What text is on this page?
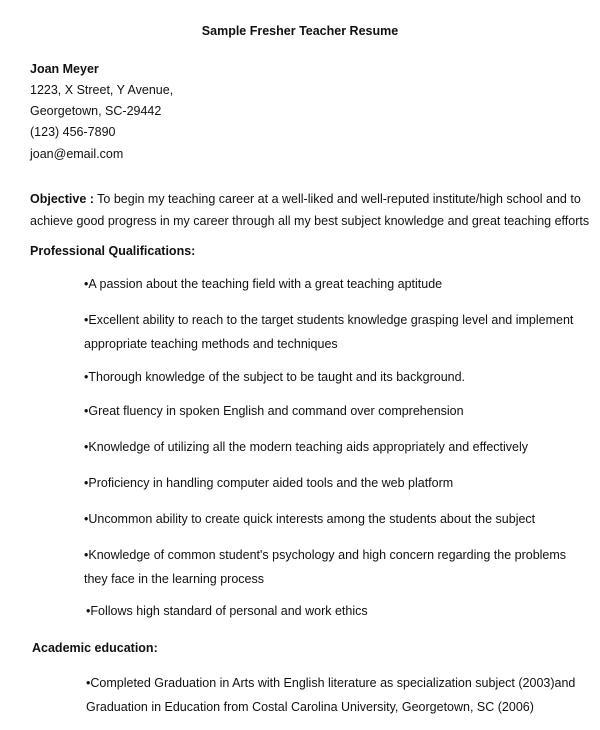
Sample Fresher Teacher Resume
Joan Meyer
1223, X Street, Y Avenue,
Georgetown, SC-29442
(123) 456-7890
joan@email.com
Objective : To begin my teaching career at a well-liked and well-reputed institute/high school and to achieve good progress in my career through all my best subject knowledge and great teaching efforts
Professional Qualifications:
•A passion about the teaching field with a great teaching aptitude
•Excellent ability to reach to the target students knowledge grasping level and implement appropriate teaching methods and techniques
•Thorough knowledge of the subject to be taught and its background.
•Great fluency in spoken English and command over comprehension
•Knowledge of utilizing all the modern teaching aids appropriately and effectively
•Proficiency in handling computer aided tools and the web platform
•Uncommon ability to create quick interests among the students about the subject
•Knowledge of common student's psychology and high concern regarding the problems they face in the learning process
•Follows high standard of personal and work ethics
Academic education:
•Completed Graduation in Arts with English literature as specialization subject (2003)and Graduation in Education from Costal Carolina University, Georgetown, SC (2006)
